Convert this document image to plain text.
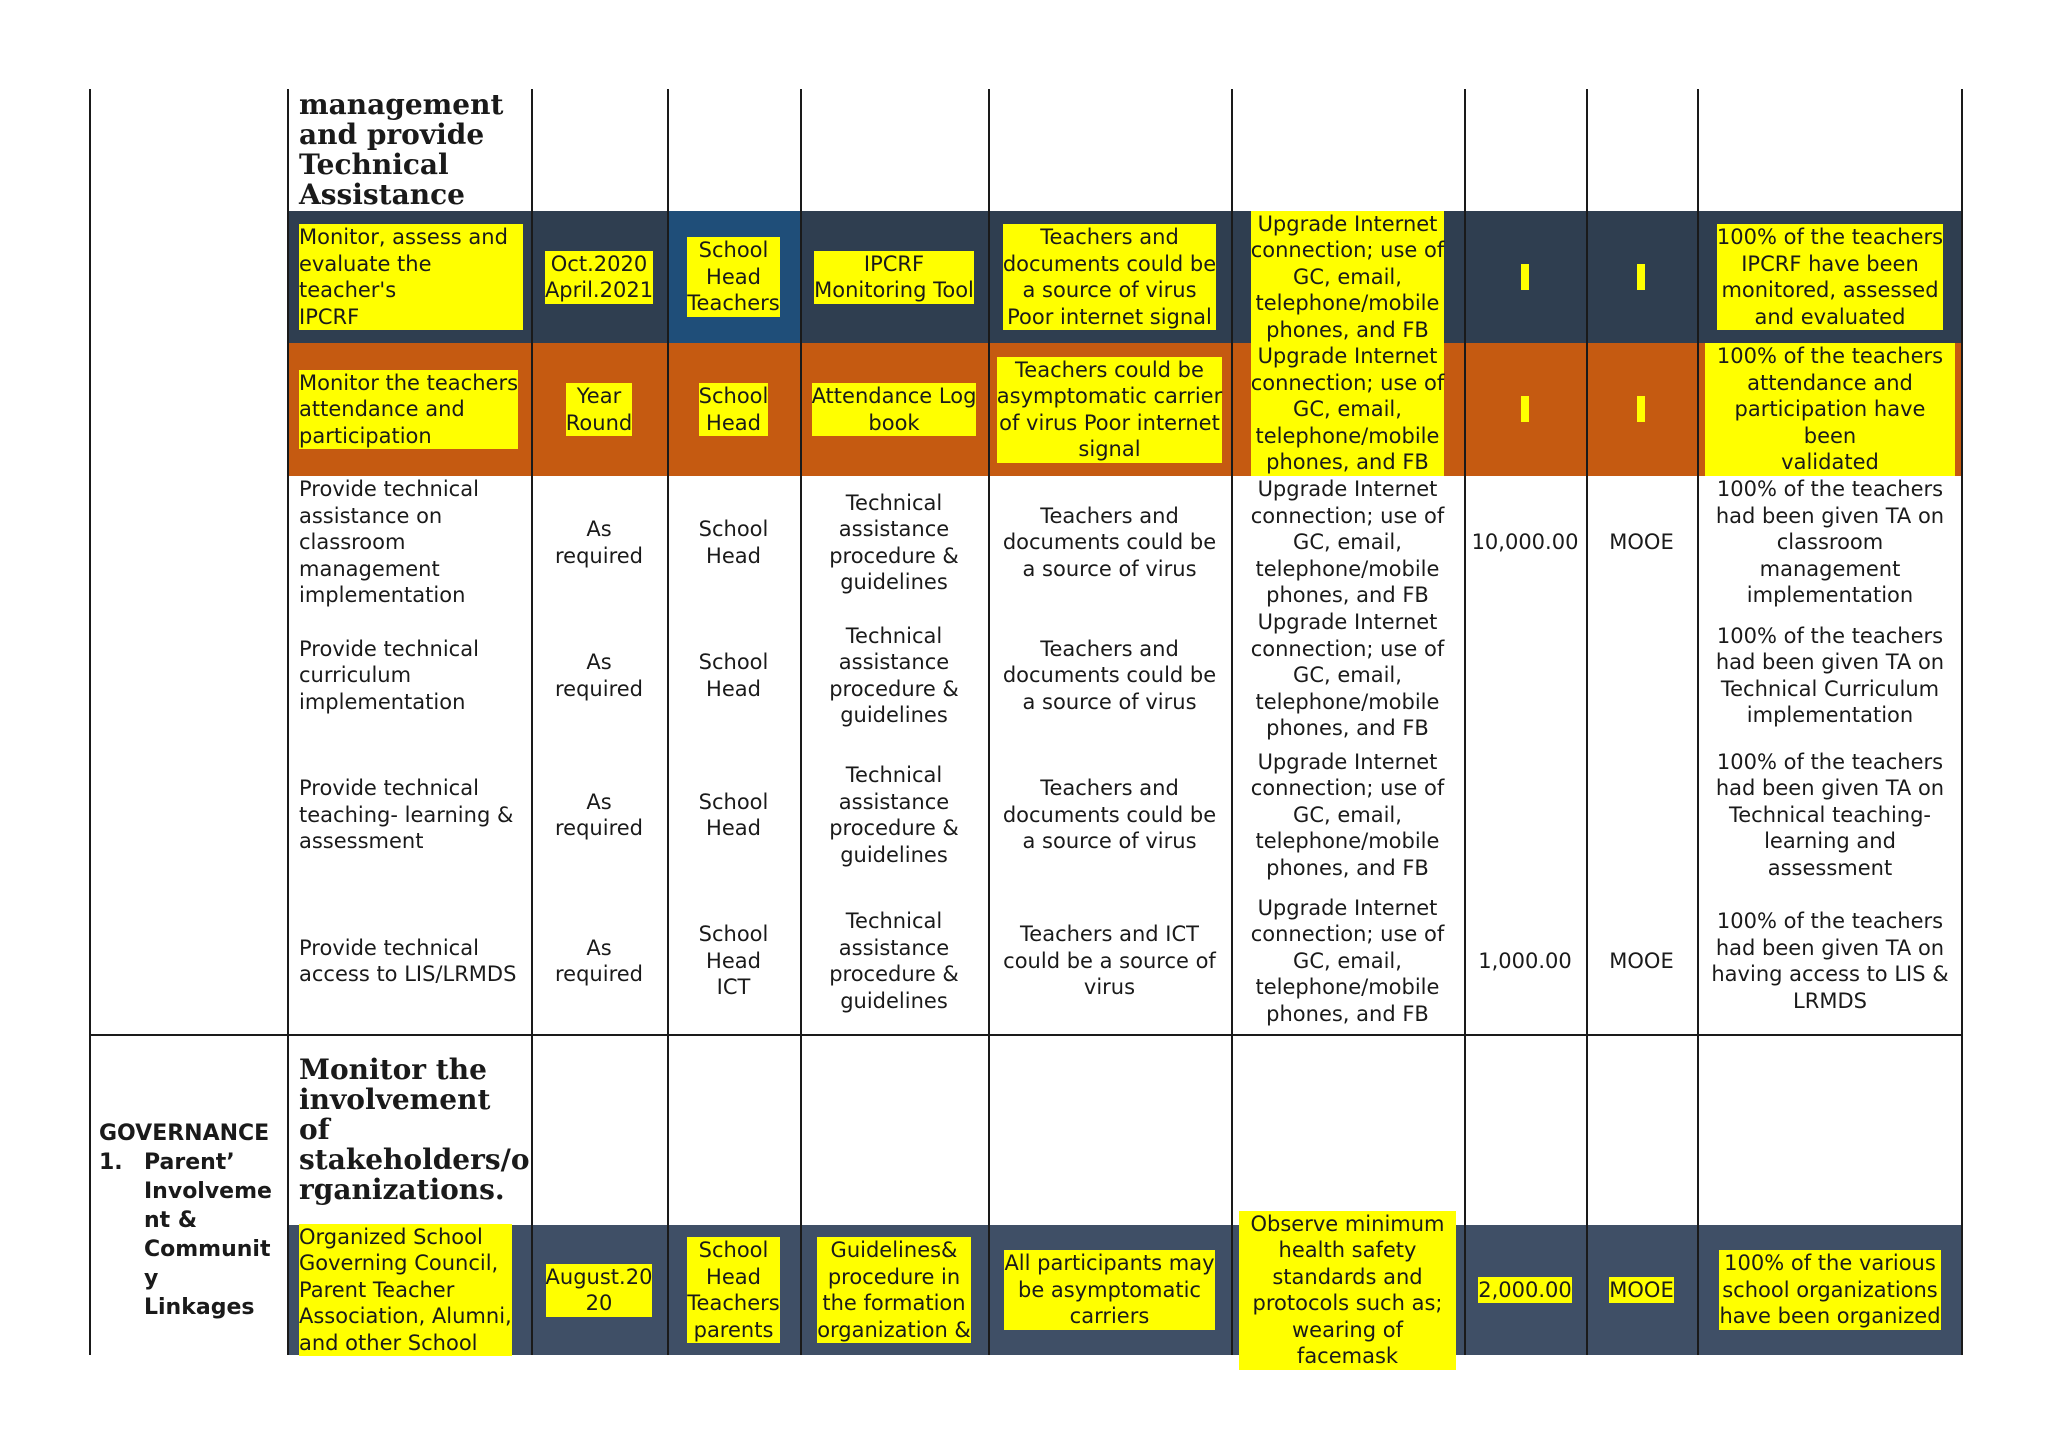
management
and provide
Technical
Assistance
Monitor, assess and
evaluate the teacher's
IPCRF
Oct.2020
April.2021
School
Head
Teachers
IPCRF
Monitoring Tool
Teachers and
documents could be
a source of virus
Poor internet signal
Upgrade Internet
connection; use of
GC, email,
telephone/mobile
phones, and FB
100% of the teachers
IPCRF have been
monitored, assessed
and evaluated
Monitor the teachers
attendance and
participation
Year
Round
School
Head
Attendance Log
book
Teachers could be
asymptomatic carrier
of virus Poor internet
signal
Upgrade Internet
connection; use of
GC, email,
telephone/mobile
phones, and FB
100% of the teachers
attendance and
participation have been
validated
Provide technical
assistance on
classroom
management
implementation
As
required
School
Head
Technical
assistance
procedure &
guidelines
Teachers and
documents could be
a source of virus
Upgrade Internet
connection; use of
GC, email,
telephone/mobile
phones, and FB
10,000.00 MOOE
100% of the teachers
had been given TA on
classroom management
implementation
Provide technical
curriculum
implementation
As
required
School
Head
Technical
assistance
procedure &
guidelines
Teachers and
documents could be
a source of virus
Upgrade Internet
connection; use of
GC, email,
telephone/mobile
phones, and FB
100% of the teachers
had been given TA on
Technical Curriculum
implementation
Provide technical
teaching- learning &
assessment
As
required
School
Head
Technical
assistance
procedure &
guidelines
Teachers and
documents could be
a source of virus
Upgrade Internet
connection; use of
GC, email,
telephone/mobile
phones, and FB
100% of the teachers
had been given TA on
Technical teaching-
learning and
assessment
Provide technical
access to LIS/LRMDS
As
required
School
Head
ICT
Technical
assistance
procedure &
guidelines
Teachers and ICT
could be a source of
virus
Upgrade Internet
connection; use of
GC, email,
telephone/mobile
phones, and FB
1,000.00 MOOE
100% of the teachers
had been given TA on
having access to LIS &
LRMDS
GOVERNANCE
1. Parent’
Involveme
nt &
Communit
y Linkages
Monitor the
involvement of
stakeholders/o
rganizations.
Organized School
Governing Council,
Parent Teacher
Association, Alumni,
and other School
August.20
20
School
Head
Teachers
parents
Guidelines&
procedure in
the formation
organization &
All participants may
be asymptomatic
carriers
Observe minimum
health safety
standards and
protocols such as;
wearing of facemask
2,000.00 MOOE
100% of the various
school organizations
have been organized
